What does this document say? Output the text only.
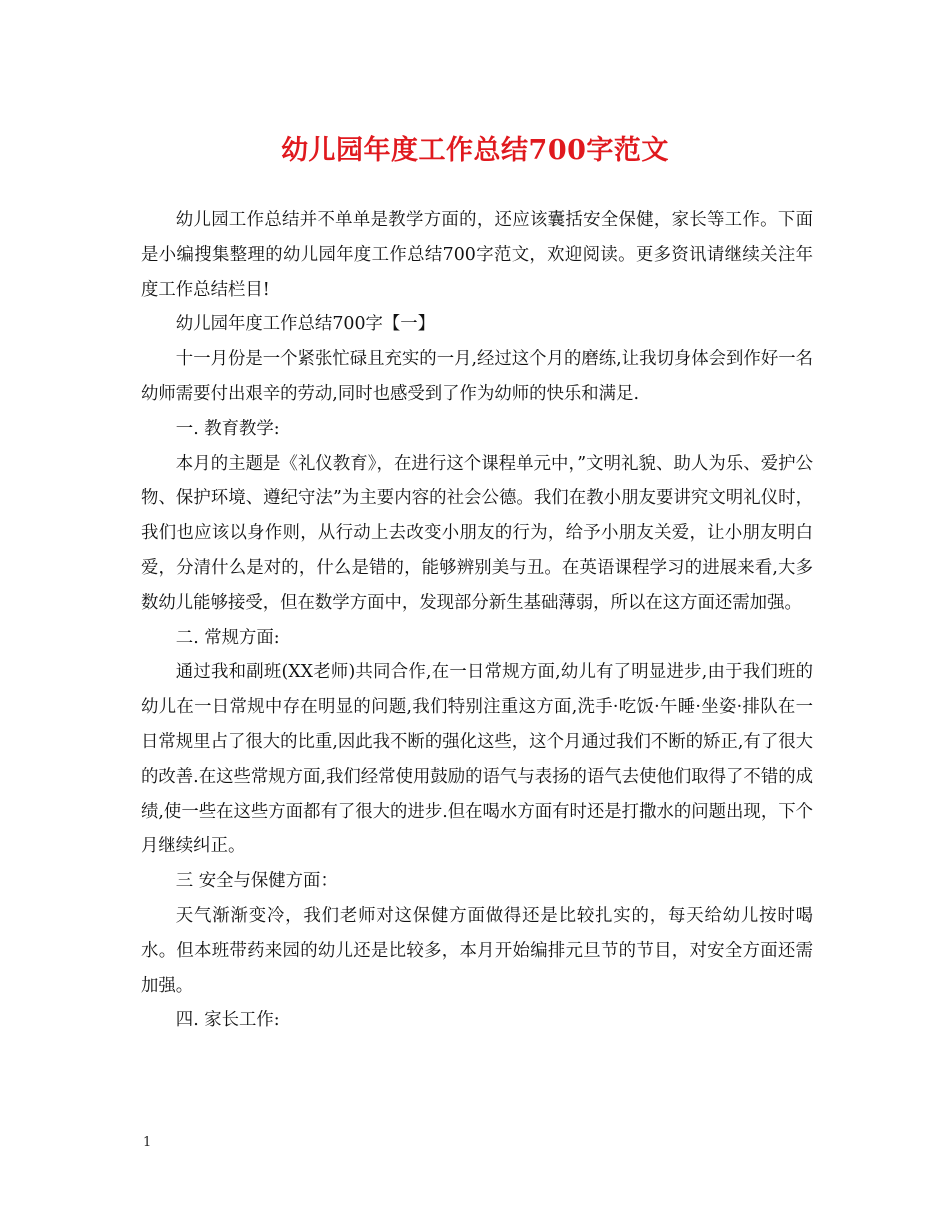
幼儿园年度工作总结700字范文

幼儿园工作总结并不单单是教学方面的，还应该囊括安全保健，家长等工作。下面是小编搜集整理的幼儿园年度工作总结700字范文，欢迎阅读。更多资讯请继续关注年度工作总结栏目!

幼儿园年度工作总结700字【一】

十一月份是一个紧张忙碌且充实的一月,经过这个月的磨练,让我切身体会到作好一名幼师需要付出艰辛的劳动,同时也感受到了作为幼师的快乐和满足.

一. 教育教学:

本月的主题是《礼仪教育》，在进行这个课程单元中，”文明礼貌、助人为乐、爱护公物、保护环境、遵纪守法”为主要内容的社会公德。我们在教小朋友要讲究文明礼仪时，我们也应该以身作则，从行动上去改变小朋友的行为，给予小朋友关爱，让小朋友明白爱，分清什么是对的，什么是错的，能够辨别美与丑。在英语课程学习的进展来看,大多数幼儿能够接受，但在数学方面中，发现部分新生基础薄弱，所以在这方面还需加强。

二. 常规方面:

通过我和副班(XX老师)共同合作,在一日常规方面,幼儿有了明显进步,由于我们班的幼儿在一日常规中存在明显的问题,我们特别注重这方面,洗手·吃饭·午睡·坐姿·排队在一日常规里占了很大的比重,因此我不断的强化这些，这个月通过我们不断的矫正,有了很大的改善.在这些常规方面,我们经常使用鼓励的语气与表扬的语气去使他们取得了不错的成绩,使一些在这些方面都有了很大的进步.但在喝水方面有时还是打撒水的问题出现，下个月继续纠正。

三 安全与保健方面：

天气渐渐变冷，我们老师对这保健方面做得还是比较扎实的，每天给幼儿按时喝水。但本班带药来园的幼儿还是比较多，本月开始编排元旦节的节目，对安全方面还需加强。

四. 家长工作:

1
